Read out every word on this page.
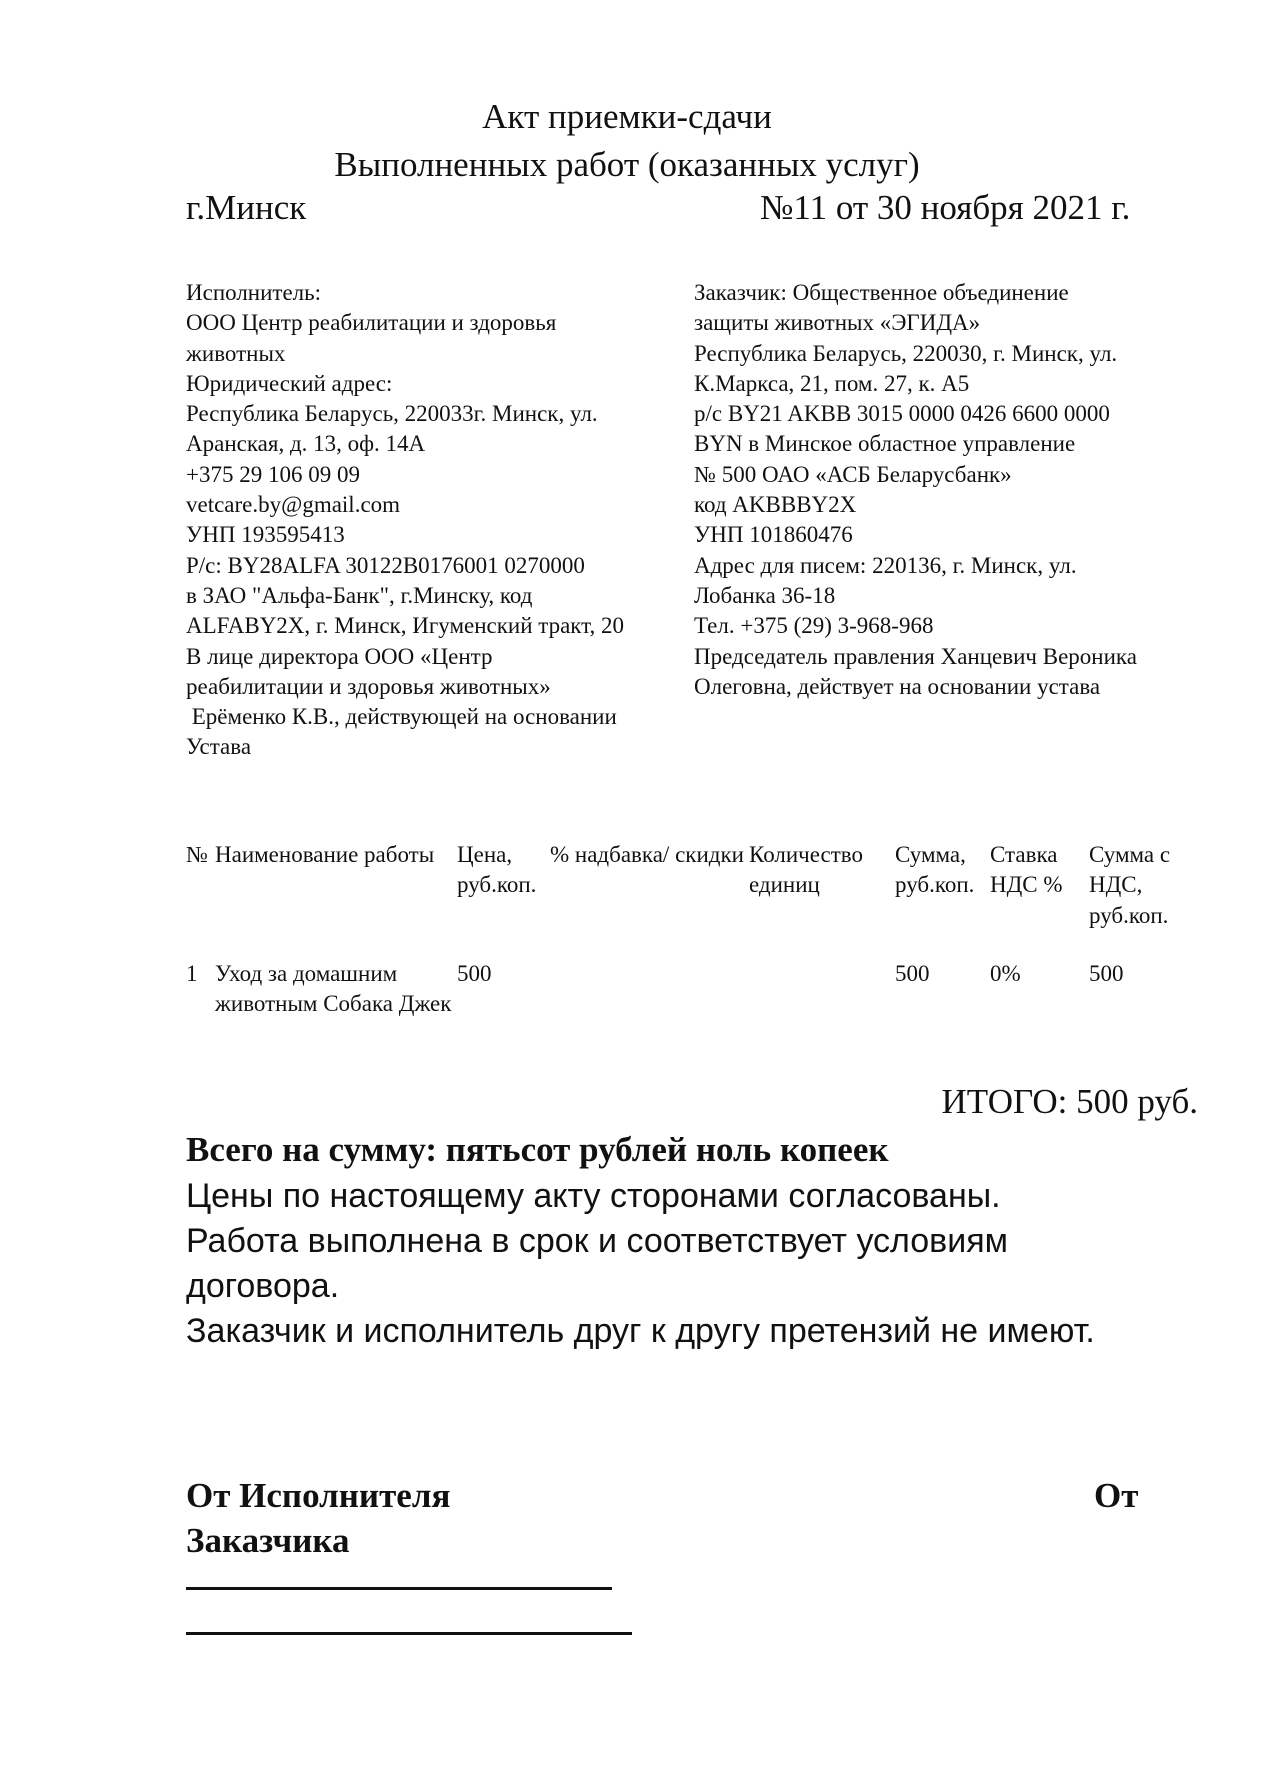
Акт приемки-сдачи
Выполненных работ (оказанных услуг)
г.Минск	№11 от 30 ноября 2021 г.
Исполнитель:
ООО Центр реабилитации и здоровья
животных
Юридический адрес:
Республика Беларусь, 220033г. Минск, ул.
Аранская, д. 13, оф. 14А
+375 29 106 09 09
vetcare.by@gmail.com
УНП 193595413
Р/с: BY28ALFA 30122B0176001 0270000
в ЗАО "Альфа-Банк", г.Минску, код
ALFABY2X, г. Минск, Игуменский тракт, 20
В лице директора ООО «Центр
реабилитации и здоровья животных»
Ерёменко К.В., действующей на основании
Устава
Заказчик: Общественное объединение
защиты животных «ЭГИДА»
Республика Беларусь, 220030, г. Минск, ул.
К.Маркса, 21, пом. 27, к. А5
р/с BY21 AKBB 3015 0000 0426 6600 0000
BYN в Минское областное управление
№ 500 ОАО «АСБ Беларусбанк»
код AKBBBY2X
УНП 101860476
Адрес для писем: 220136, г. Минск, ул.
Лобанка 36-18
Тел. +375 (29) 3-968-968
Председатель правления Ханцевич Вероника
Олеговна, действует на основании устава
№	Наименование работы	Цена, руб.коп.	% надбавка/ скидки	Количество единиц	Сумма, руб.коп.	Ставка НДС %	Сумма с НДС, руб.коп.
1	Уход за домашним животным Собака Джек	500			500	0%	500
ИТОГО: 500 руб.
Всего на сумму: пятьсот рублей ноль копеек
Цены по настоящему акту сторонами согласованы.
Работа выполнена в срок и соответствует условиям
договора.
Заказчик и исполнитель друг к другу претензий не имеют.
От Исполнителя	От
Заказчика
